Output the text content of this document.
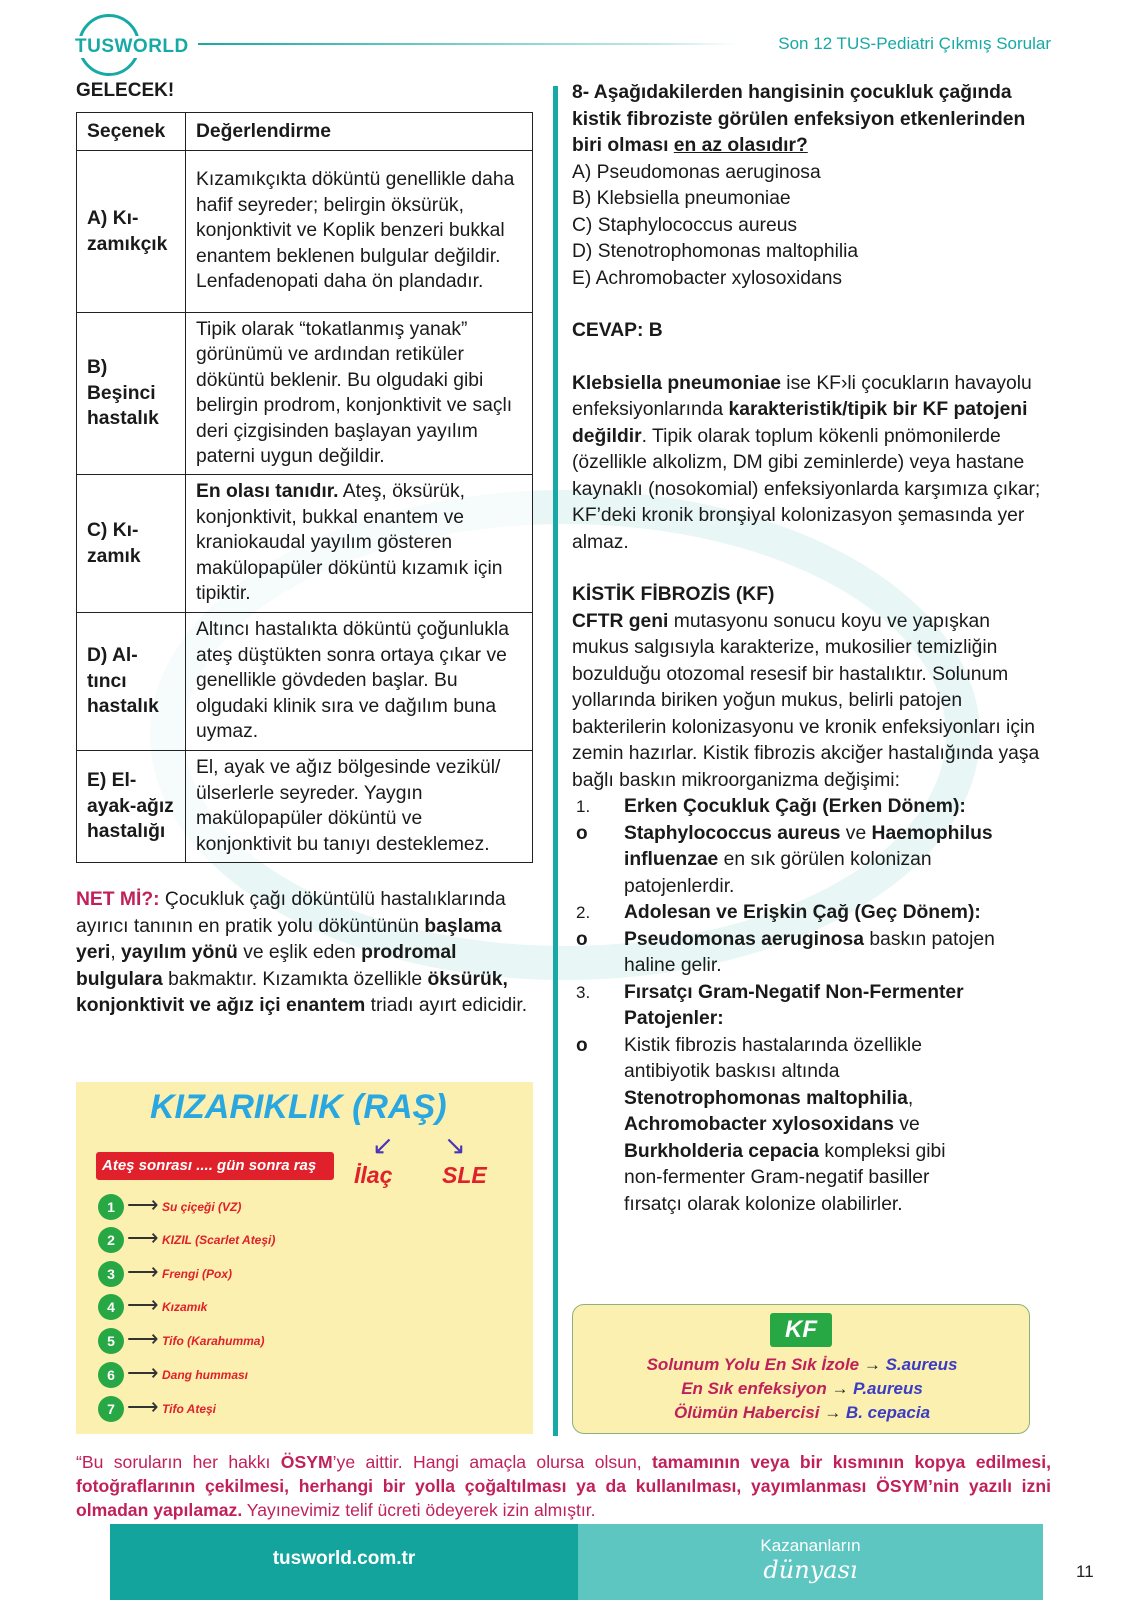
TUSWORLD	Son 12 TUS-Pediatri Çıkmış Sorular
GELECEK!
Seçenek	Değerlendirme
A) Kı-zamıkçık	Kızamıkçıkta döküntü genellikle daha hafif seyreder; belirgin öksürük, konjonktivit ve Koplik benzeri bukkal enantem beklenen bulgular değildir. Lenfadenopati daha ön plandadır.
B) Beşinci hastalık	Tipik olarak “tokatlanmış yanak” görünümü ve ardından retiküler döküntü beklenir. Bu olgudaki gibi belirgin prodrom, konjonktivit ve saçlı deri çizgisinden başlayan yayılım paterni uygun değildir.
C) Kı-zamık	En olası tanıdır. Ateş, öksürük, konjonktivit, bukkal enantem ve kraniokaudal yayılım gösteren makülopapüler döküntü kızamık için tipiktir.
D) Al-tıncı hastalık	Altıncı hastalıkta döküntü çoğunlukla ateş düştükten sonra ortaya çıkar ve genellikle gövdeden başlar. Bu olgudaki klinik sıra ve dağılım buna uymaz.
E) El-ayak-ağız hastalığı	El, ayak ve ağız bölgesinde vezikül/ülserlerle seyreder. Yaygın makülopapüler döküntü ve konjonktivit bu tanıyı desteklemez.
NET Mİ?: Çocukluk çağı döküntülü hastalıklarında ayırıcı tanının en pratik yolu döküntünün başlama yeri, yayılım yönü ve eşlik eden prodromal bulgulara bakmaktır. Kızamıkta özellikle öksürük, konjonktivit ve ağız içi enantem triadı ayırt edicidir.
KIZARIKLIK (RAŞ)
↙ ↘
Ateş sonrası .... gün sonra raş	İlaç SLE
1 ⟶ Su çiçeği (VZ)
2 ⟶ KIZIL (Scarlet Ateşi)
3 ⟶ Frengi (Pox)
4 ⟶ Kızamık
5 ⟶ Tifo (Karahumma)
6 ⟶ Dang humması
7 ⟶ Tifo Ateşi
8- Aşağıdakilerden hangisinin çocukluk çağında kistik fibroziste görülen enfeksiyon etkenlerinden biri olması en az olasıdır?
A) Pseudomonas aeruginosa
B) Klebsiella pneumoniae
C) Staphylococcus aureus
D) Stenotrophomonas maltophilia
E) Achromobacter xylosoxidans
CEVAP: B
Klebsiella pneumoniae ise KF›li çocukların havayolu enfeksiyonlarında karakteristik/tipik bir KF patojeni değildir. Tipik olarak toplum kökenli pnömonilerde (özellikle alkolizm, DM gibi zeminlerde) veya hastane kaynaklı (nosokomial) enfeksiyonlarda karşımıza çıkar; KF’deki kronik bronşiyal kolonizasyon şemasında yer almaz.
KİSTİK FİBROZİS (KF)
CFTR geni mutasyonu sonucu koyu ve yapışkan mukus salgısıyla karakterize, mukosilier temizliğin bozulduğu otozomal resesif bir hastalıktır. Solunum yollarında biriken yoğun mukus, belirli patojen bakterilerin kolonizasyonu ve kronik enfeksiyonları için zemin hazırlar. Kistik fibrozis akciğer hastalığında yaşa bağlı baskın mikroorganizma değişimi:
1. Erken Çocukluk Çağı (Erken Dönem):
o Staphylococcus aureus ve Haemophilus influenzae en sık görülen kolonizan patojenlerdir.
2. Adolesan ve Erişkin Çağ (Geç Dönem):
o Pseudomonas aeruginosa baskın patojen haline gelir.
3. Fırsatçı Gram-Negatif Non-Fermenter Patojenler:
o Kistik fibrozis hastalarında özellikle antibiyotik baskısı altında Stenotrophomonas maltophilia, Achromobacter xylosoxidans ve Burkholderia cepacia kompleksi gibi non-fermenter Gram-negatif basiller fırsatçı olarak kolonize olabilirler.
KF
Solunum Yolu En Sık İzole → S.aureus
En Sık enfeksiyon → P.aureus
Ölümün Habercisi → B. cepacia
“Bu soruların her hakkı ÖSYM’ye aittir. Hangi amaçla olursa olsun, tamamının veya bir kısmının kopya edilmesi, fotoğraflarının çekilmesi, herhangi bir yolla çoğaltılması ya da kullanılması, yayımlanması ÖSYM’nin yazılı izni olmadan yapılamaz. Yayınevimiz telif ücreti ödeyerek izin almıştır.
tusworld.com.tr
Kazananların
dünyası	11
